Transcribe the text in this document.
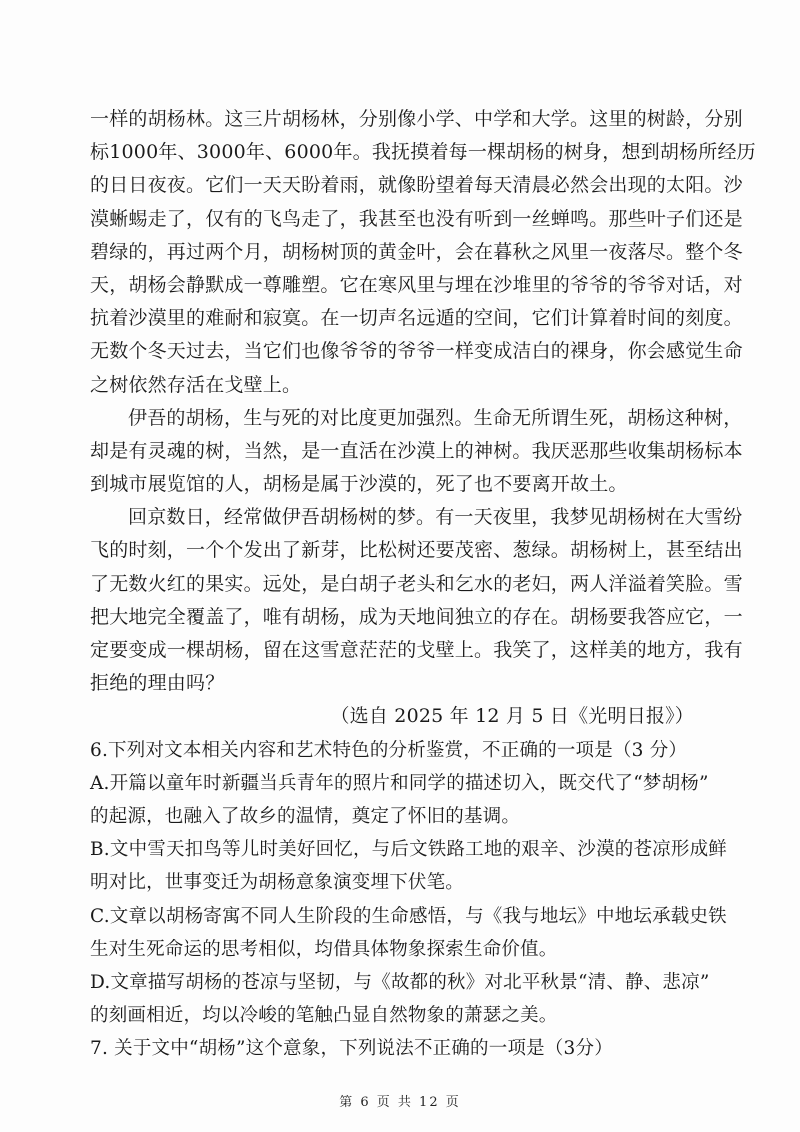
一样的胡杨林。这三片胡杨林，分别像小学、中学和大学。这里的树龄，分别
标1000年、3000年、6000年。我抚摸着每一棵胡杨的树身，想到胡杨所经历
的日日夜夜。它们一天天盼着雨，就像盼望着每天清晨必然会出现的太阳。沙
漠蜥蜴走了，仅有的飞鸟走了，我甚至也没有听到一丝蝉鸣。那些叶子们还是
碧绿的，再过两个月，胡杨树顶的黄金叶，会在暮秋之风里一夜落尽。整个冬
天，胡杨会静默成一尊雕塑。它在寒风里与埋在沙堆里的爷爷的爷爷对话，对
抗着沙漠里的难耐和寂寞。在一切声名远遁的空间，它们计算着时间的刻度。
无数个冬天过去，当它们也像爷爷的爷爷一样变成洁白的裸身，你会感觉生命
之树依然存活在戈壁上。
伊吾的胡杨，生与死的对比度更加强烈。生命无所谓生死，胡杨这种树，
却是有灵魂的树，当然，是一直活在沙漠上的神树。我厌恶那些收集胡杨标本
到城市展览馆的人，胡杨是属于沙漠的，死了也不要离开故土。
回京数日，经常做伊吾胡杨树的梦。有一天夜里，我梦见胡杨树在大雪纷
飞的时刻，一个个发出了新芽，比松树还要茂密、葱绿。胡杨树上，甚至结出
了无数火红的果实。远处，是白胡子老头和乞水的老妇，两人洋溢着笑脸。雪
把大地完全覆盖了，唯有胡杨，成为天地间独立的存在。胡杨要我答应它，一
定要变成一棵胡杨，留在这雪意茫茫的戈壁上。我笑了，这样美的地方，我有
拒绝的理由吗？
（选自 2025 年 12 月 5 日《光明日报》）
6.下列对文本相关内容和艺术特色的分析鉴赏，不正确的一项是（3 分）
A.开篇以童年时新疆当兵青年的照片和同学的描述切入，既交代了“梦胡杨”
的起源，也融入了故乡的温情，奠定了怀旧的基调。
B.文中雪天扣鸟等儿时美好回忆，与后文铁路工地的艰辛、沙漠的苍凉形成鲜
明对比，世事变迁为胡杨意象演变埋下伏笔。
C.文章以胡杨寄寓不同人生阶段的生命感悟，与《我与地坛》中地坛承载史铁
生对生死命运的思考相似，均借具体物象探索生命价值。
D.文章描写胡杨的苍凉与坚韧，与《故都的秋》对北平秋景“清、静、悲凉”
的刻画相近，均以冷峻的笔触凸显自然物象的萧瑟之美。
7. 关于文中“胡杨”这个意象，下列说法不正确的一项是（3分）
第 6 页 共 12 页
